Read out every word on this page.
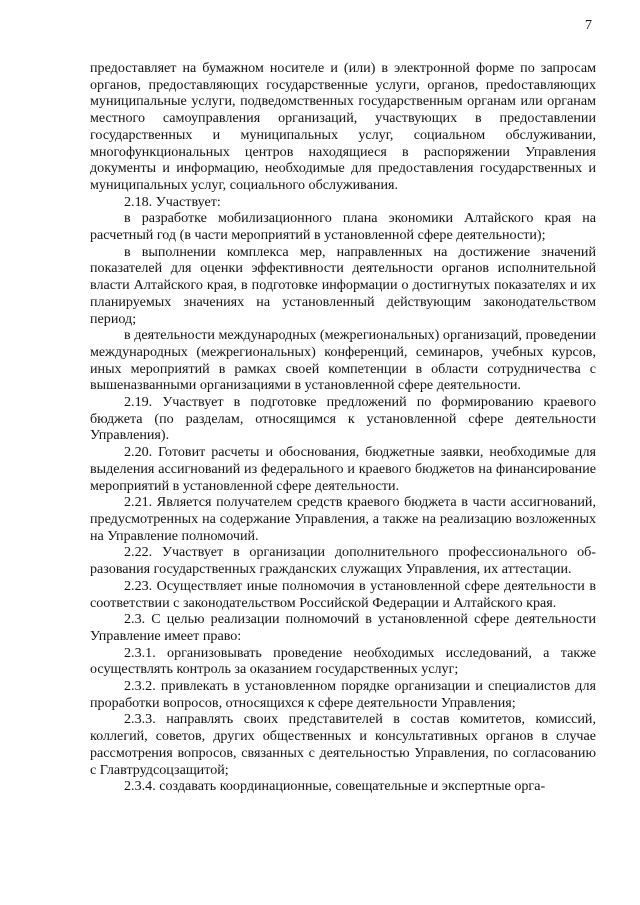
7

предоставляет на бумажном носителе и (или) в электронной форме по запросам органов, предоставляющих государственные услуги, органов, преdоставляющих муниципальные услуги, подведомственных государственным органам или органам местного самоуправления организаций, участвующих в предоставлении государственных и муниципальных услуг, социальном обслуживании, многофункциональных центров находящиеся в распоряжении Управления документы и информацию, необходимые для предоставления государственных и муниципальных услуг, социального обслуживания.

2.18. Участвует:

в разработке мобилизационного плана экономики Алтайского края на расчетный год (в части мероприятий в установленной сфере деятельности);

в выполнении комплекса мер, направленных на достижение значений показателей для оценки эффективности деятельности органов исполнительной власти Алтайского края, в подготовке информации о достигнутых показателях и их планируемых значениях на установленный действующим законодательством период;

в деятельности международных (межрегиональных) организаций, проведении международных (межрегиональных) конференций, семинаров, учебных курсов, иных мероприятий в рамках своей компетенции в области сотрудничества с вышеназванными организациями в установленной сфере деятельности.

2.19. Участвует в подготовке предложений по формированию краевого бюджета (по разделам, относящимся к установленной сфере деятельности Управления).

2.20. Готовит расчеты и обоснования, бюджетные заявки, необходимые для выделения ассигнований из федерального и краевого бюджетов на финансирование мероприятий в установленной сфере деятельности.

2.21. Является получателем средств краевого бюджета в части ассигнований, предусмотренных на содержание Управления, а также на реализацию возложенных на Управление полномочий.

2.22. Участвует в организации дополнительного профессионального образования государственных гражданских служащих Управления, их аттестации.

2.23. Осуществляет иные полномочия в установленной сфере деятельности в соответствии с законодательством Российской Федерации и Алтайского края.

2.3. С целью реализации полномочий в установленной сфере деятельности Управление имеет право:

2.3.1. организовывать проведение необходимых исследований, а также осуществлять контроль за оказанием государственных услуг;

2.3.2. привлекать в установленном порядке организации и специалистов для проработки вопросов, относящихся к сфере деятельности Управления;

2.3.3. направлять своих представителей в состав комитетов, комиссий, коллегий, советов, других общественных и консультативных органов в случае рассмотрения вопросов, связанных с деятельностью Управления, по согласованию с Главтрудсоцзащитой;

2.3.4. создавать координационные, совещательные и экспертные орга-
